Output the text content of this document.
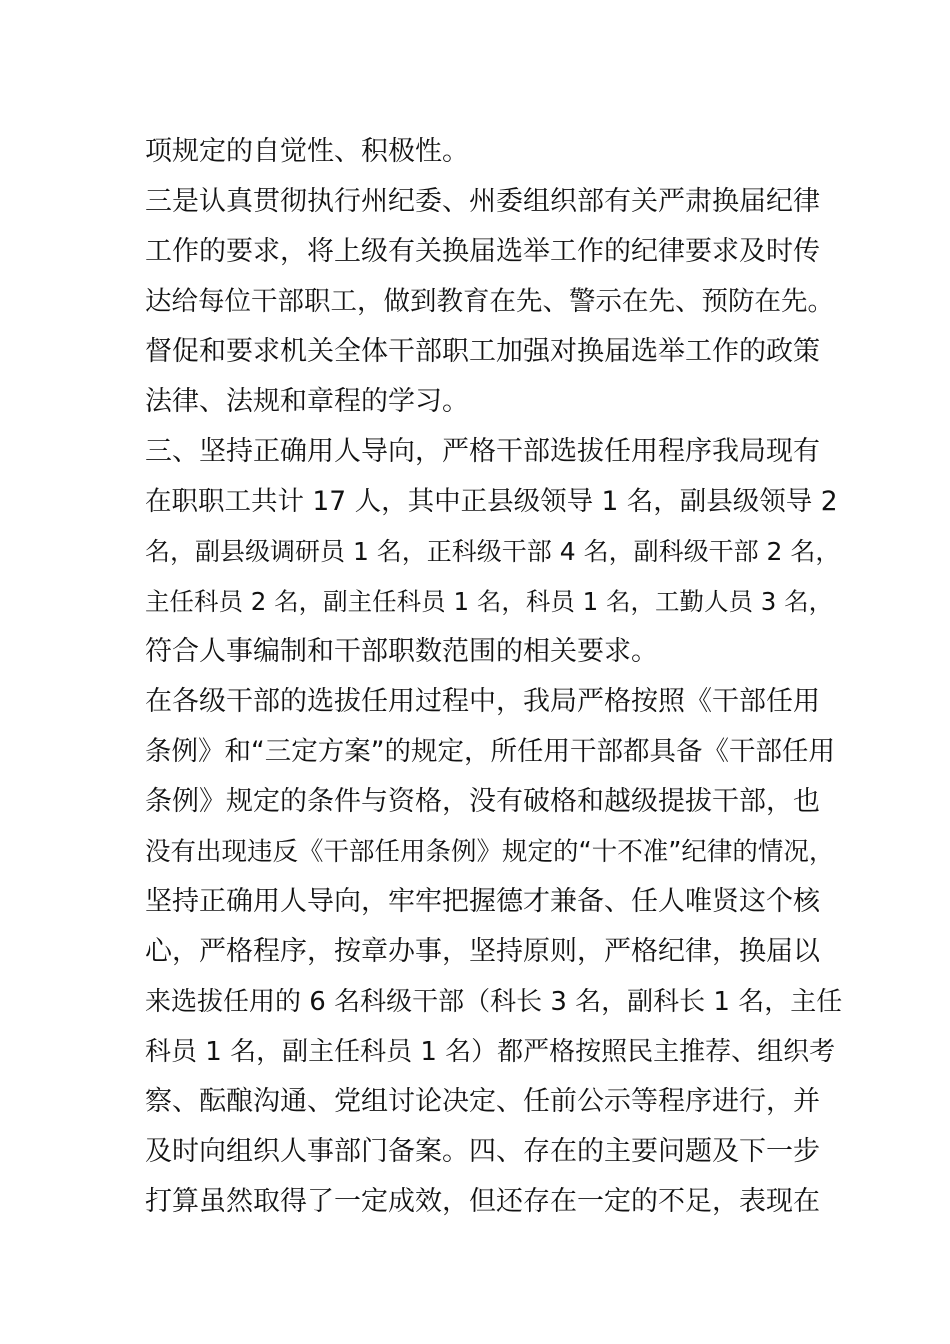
项规定的自觉性、积极性。
三是认真贯彻执行州纪委、州委组织部有关严肃换届纪律
工作的要求，将上级有关换届选举工作的纪律要求及时传
达给每位干部职工，做到教育在先、警示在先、预防在先。
督促和要求机关全体干部职工加强对换届选举工作的政策
法律、法规和章程的学习。
三、坚持正确用人导向，严格干部选拔任用程序我局现有
在职职工共计 17 人，其中正县级领导 1 名，副县级领导 2
名，副县级调研员 1 名，正科级干部 4 名，副科级干部 2 名，
主任科员 2 名，副主任科员 1 名，科员 1 名，工勤人员 3 名，
符合人事编制和干部职数范围的相关要求。
在各级干部的选拔任用过程中，我局严格按照《干部任用
条例》和“三定方案”的规定，所任用干部都具备《干部任用
条例》规定的条件与资格，没有破格和越级提拔干部，也
没有出现违反《干部任用条例》规定的“十不准”纪律的情况，
坚持正确用人导向，牢牢把握德才兼备、任人唯贤这个核
心，严格程序，按章办事，坚持原则，严格纪律，换届以
来选拔任用的 6 名科级干部（科长 3 名，副科长 1 名，主任
科员 1 名，副主任科员 1 名）都严格按照民主推荐、组织考
察、酝酿沟通、党组讨论决定、任前公示等程序进行，并
及时向组织人事部门备案。四、存在的主要问题及下一步
打算虽然取得了一定成效，但还存在一定的不足，表现在
